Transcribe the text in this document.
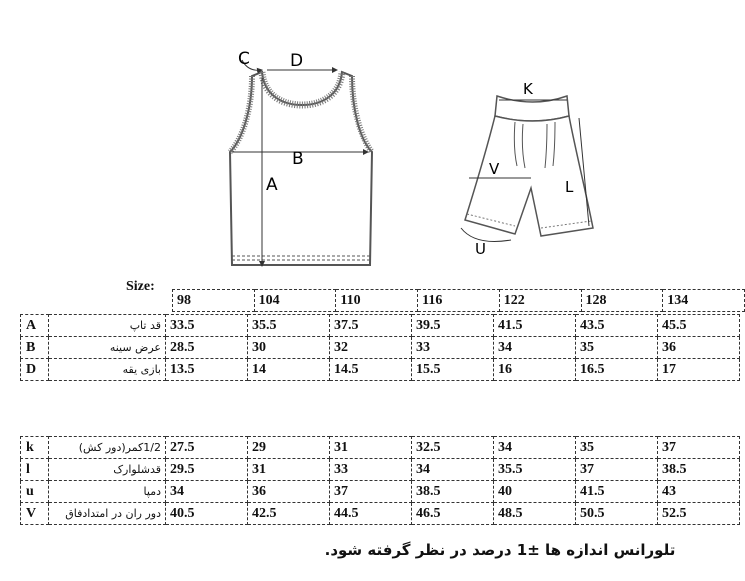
C D
B
A
K
V
L
U
Size:
98	104	110	116	122	128	134
A	قد تاپ	33.5	35.5	37.5	39.5	41.5	43.5	45.5
B	عرض سینه	28.5	30	32	33	34	35	36
D	بازی یقه	13.5	14	14.5	15.5	16	16.5	17
k	1/2کمر(دور کش)	27.5	29	31	32.5	34	35	37
l	قدشلوارک	29.5	31	33	34	35.5	37	38.5
u	دمپا	34	36	37	38.5	40	41.5	43
V	دور ران در امتدادفاق	40.5	42.5	44.5	46.5	48.5	50.5	52.5
تلورانس اندازه ها ±1 درصد در نظر گرفته شود.
